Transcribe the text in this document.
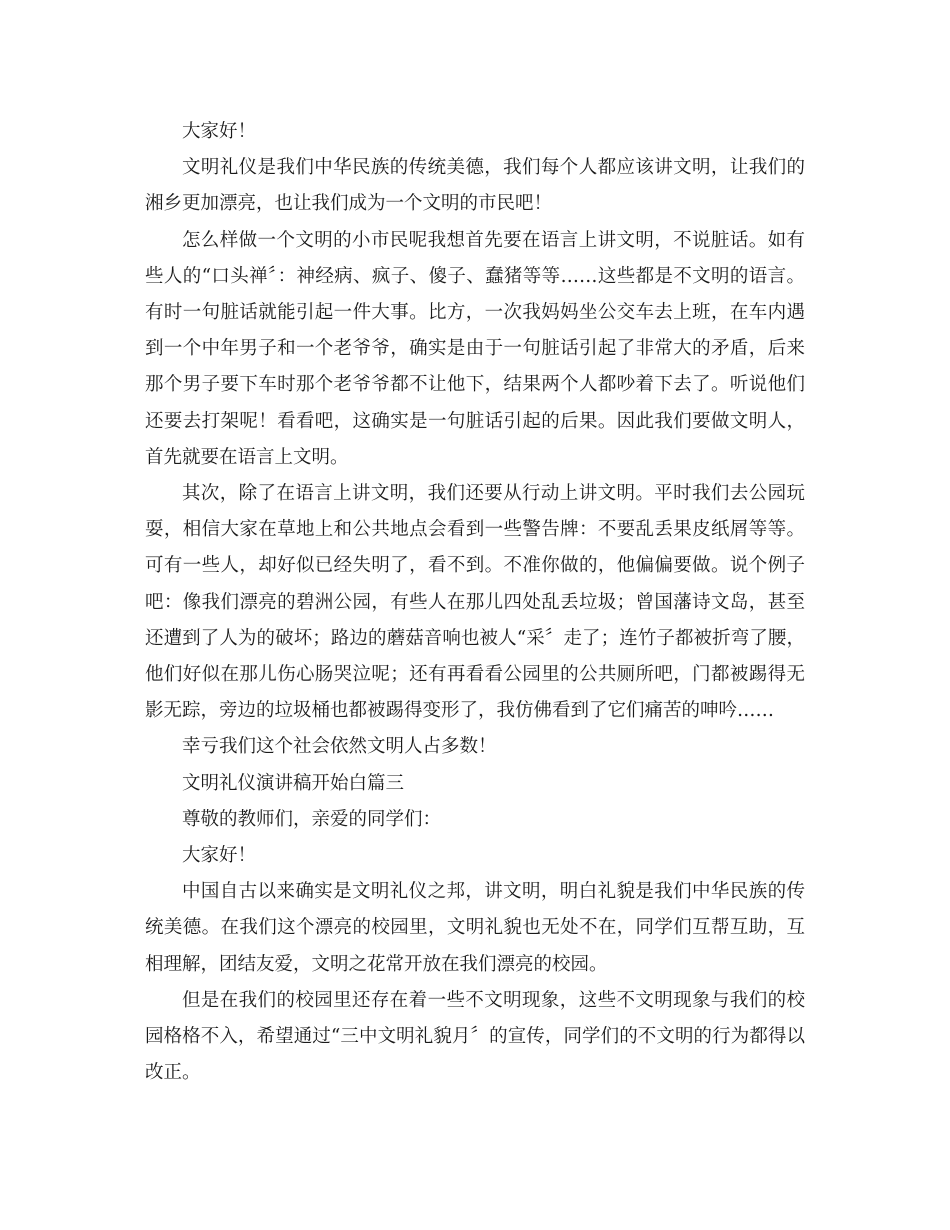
大家好！

文明礼仪是我们中华民族的传统美德，我们每个人都应该讲文明，让我们的湘乡更加漂亮，也让我们成为一个文明的市民吧！

怎么样做一个文明的小市民呢我想首先要在语言上讲文明，不说脏话。如有些人的“口头禅〞：神经病、疯子、傻子、蠢猪等等……这些都是不文明的语言。有时一句脏话就能引起一件大事。比方，一次我妈妈坐公交车去上班，在车内遇到一个中年男子和一个老爷爷，确实是由于一句脏话引起了非常大的矛盾，后来那个男子要下车时那个老爷爷都不让他下，结果两个人都吵着下去了。听说他们还要去打架呢！看看吧，这确实是一句脏话引起的后果。因此我们要做文明人，首先就要在语言上文明。

其次，除了在语言上讲文明，我们还要从行动上讲文明。平时我们去公园玩耍，相信大家在草地上和公共地点会看到一些警告牌：不要乱丢果皮纸屑等等。可有一些人，却好似已经失明了，看不到。不准你做的，他偏偏要做。说个例子吧：像我们漂亮的碧洲公园，有些人在那儿四处乱丢垃圾；曾国藩诗文岛，甚至还遭到了人为的破坏；路边的蘑菇音响也被人“采〞走了；连竹子都被折弯了腰，他们好似在那儿伤心肠哭泣呢；还有再看看公园里的公共厕所吧，门都被踢得无影无踪，旁边的垃圾桶也都被踢得变形了，我仿佛看到了它们痛苦的呻吟……

幸亏我们这个社会依然文明人占多数！

文明礼仪演讲稿开始白篇三

尊敬的教师们，亲爱的同学们：

大家好！

中国自古以来确实是文明礼仪之邦，讲文明，明白礼貌是我们中华民族的传统美德。在我们这个漂亮的校园里，文明礼貌也无处不在，同学们互帮互助，互相理解，团结友爱，文明之花常开放在我们漂亮的校园。

但是在我们的校园里还存在着一些不文明现象，这些不文明现象与我们的校园格格不入，希望通过“三中文明礼貌月〞的宣传，同学们的不文明的行为都得以改正。
